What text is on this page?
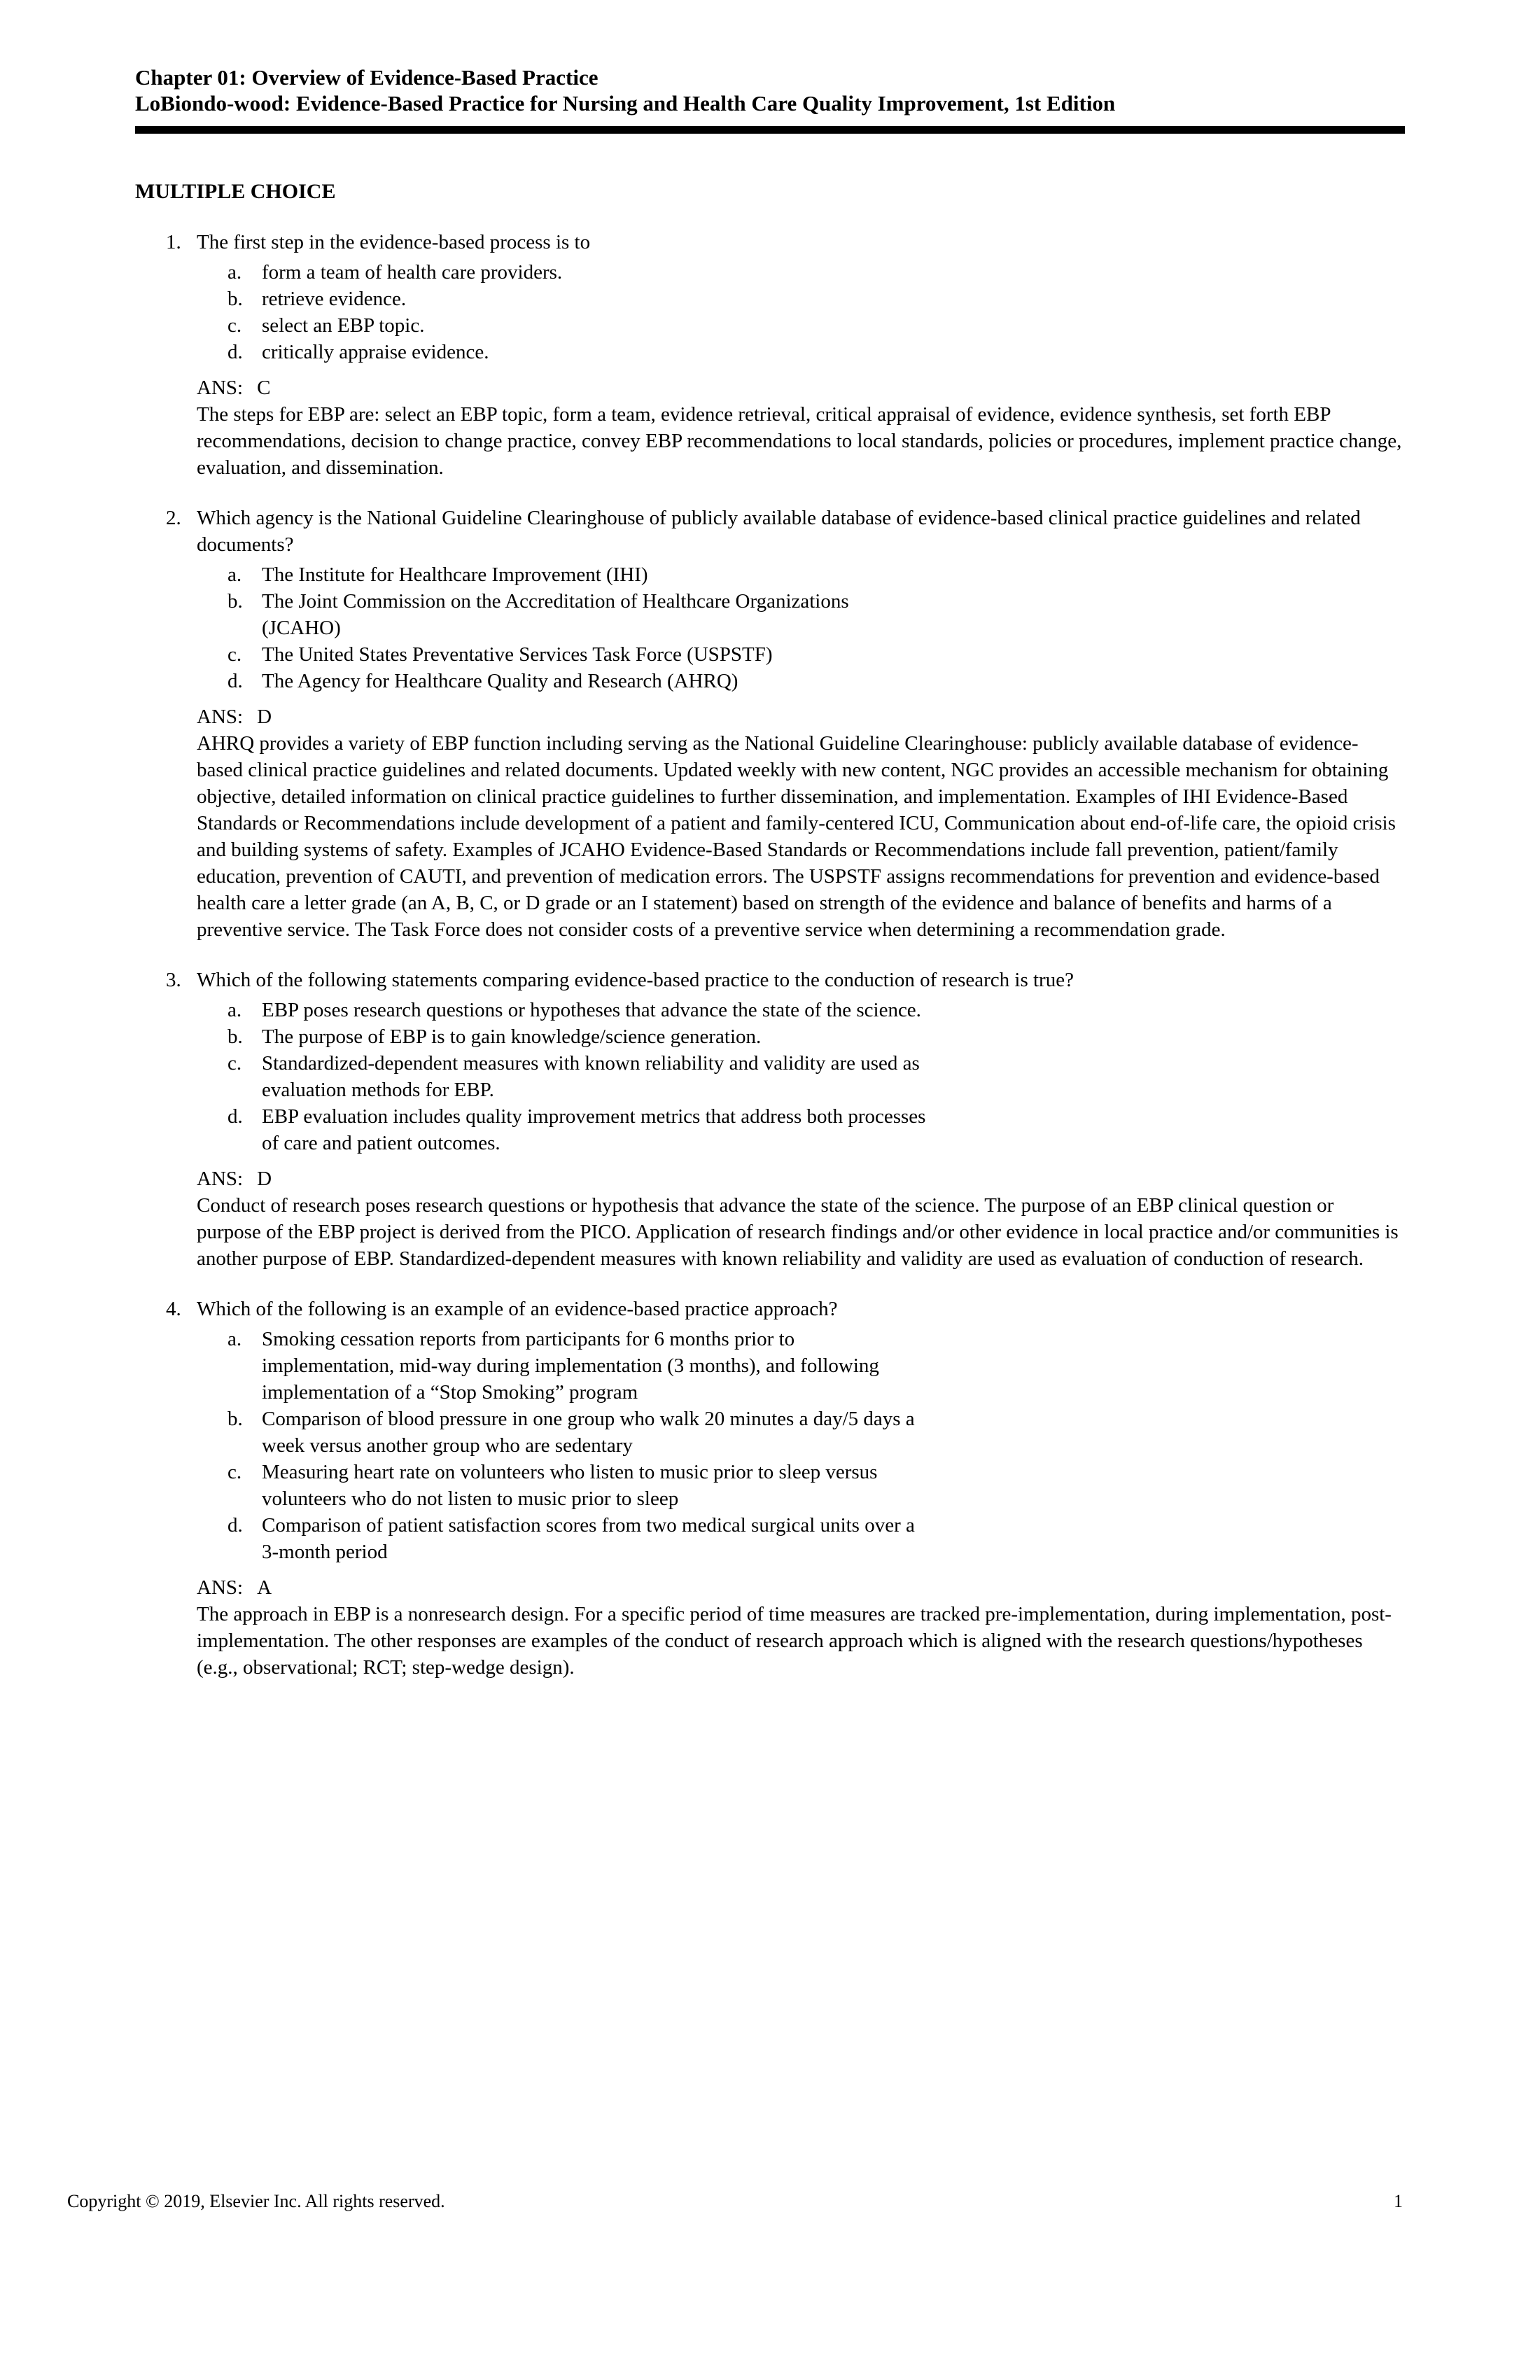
Chapter 01: Overview of Evidence-Based Practice
LoBiondo-wood: Evidence-Based Practice for Nursing and Health Care Quality Improvement, 1st Edition
MULTIPLE CHOICE
1. The first step in the evidence-based process is to
a. form a team of health care providers.
b. retrieve evidence.
c. select an EBP topic.
d. critically appraise evidence.
ANS: C
The steps for EBP are: select an EBP topic, form a team, evidence retrieval, critical appraisal of evidence, evidence synthesis, set forth EBP recommendations, decision to change practice, convey EBP recommendations to local standards, policies or procedures, implement practice change, evaluation, and dissemination.
2. Which agency is the National Guideline Clearinghouse of publicly available database of evidence-based clinical practice guidelines and related documents?
a. The Institute for Healthcare Improvement (IHI)
b. The Joint Commission on the Accreditation of Healthcare Organizations
(JCAHO)
c. The United States Preventative Services Task Force (USPSTF)
d. The Agency for Healthcare Quality and Research (AHRQ)
ANS: D
AHRQ provides a variety of EBP function including serving as the National Guideline Clearinghouse: publicly available database of evidence-based clinical practice guidelines and related documents. Updated weekly with new content, NGC provides an accessible mechanism for obtaining objective, detailed information on clinical practice guidelines to further dissemination, and implementation. Examples of IHI Evidence-Based Standards or Recommendations include development of a patient and family-centered ICU, Communication about end-of-life care, the opioid crisis and building systems of safety. Examples of JCAHO Evidence-Based Standards or Recommendations include fall prevention, patient/family education, prevention of CAUTI, and prevention of medication errors. The USPSTF assigns recommendations for prevention and evidence-based health care a letter grade (an A, B, C, or D grade or an I statement) based on strength of the evidence and balance of benefits and harms of a preventive service. The Task Force does not consider costs of a preventive service when determining a recommendation grade.
3. Which of the following statements comparing evidence-based practice to the conduction of research is true?
a. EBP poses research questions or hypotheses that advance the state of the science.
b. The purpose of EBP is to gain knowledge/science generation.
c. Standardized-dependent measures with known reliability and validity are used as
evaluation methods for EBP.
d. EBP evaluation includes quality improvement metrics that address both processes
of care and patient outcomes.
ANS: D
Conduct of research poses research questions or hypothesis that advance the state of the science. The purpose of an EBP clinical question or purpose of the EBP project is derived from the PICO. Application of research findings and/or other evidence in local practice and/or communities is another purpose of EBP. Standardized-dependent measures with known reliability and validity are used as evaluation of conduction of research.
4. Which of the following is an example of an evidence-based practice approach?
a. Smoking cessation reports from participants for 6 months prior to
implementation, mid-way during implementation (3 months), and following
implementation of a “Stop Smoking” program
b. Comparison of blood pressure in one group who walk 20 minutes a day/5 days a
week versus another group who are sedentary
c. Measuring heart rate on volunteers who listen to music prior to sleep versus
volunteers who do not listen to music prior to sleep
d. Comparison of patient satisfaction scores from two medical surgical units over a
3-month period
ANS: A
The approach in EBP is a nonresearch design. For a specific period of time measures are tracked pre-implementation, during implementation, post-implementation. The other responses are examples of the conduct of research approach which is aligned with the research questions/hypotheses (e.g., observational; RCT; step-wedge design).
Copyright © 2019, Elsevier Inc. All rights reserved.	1
